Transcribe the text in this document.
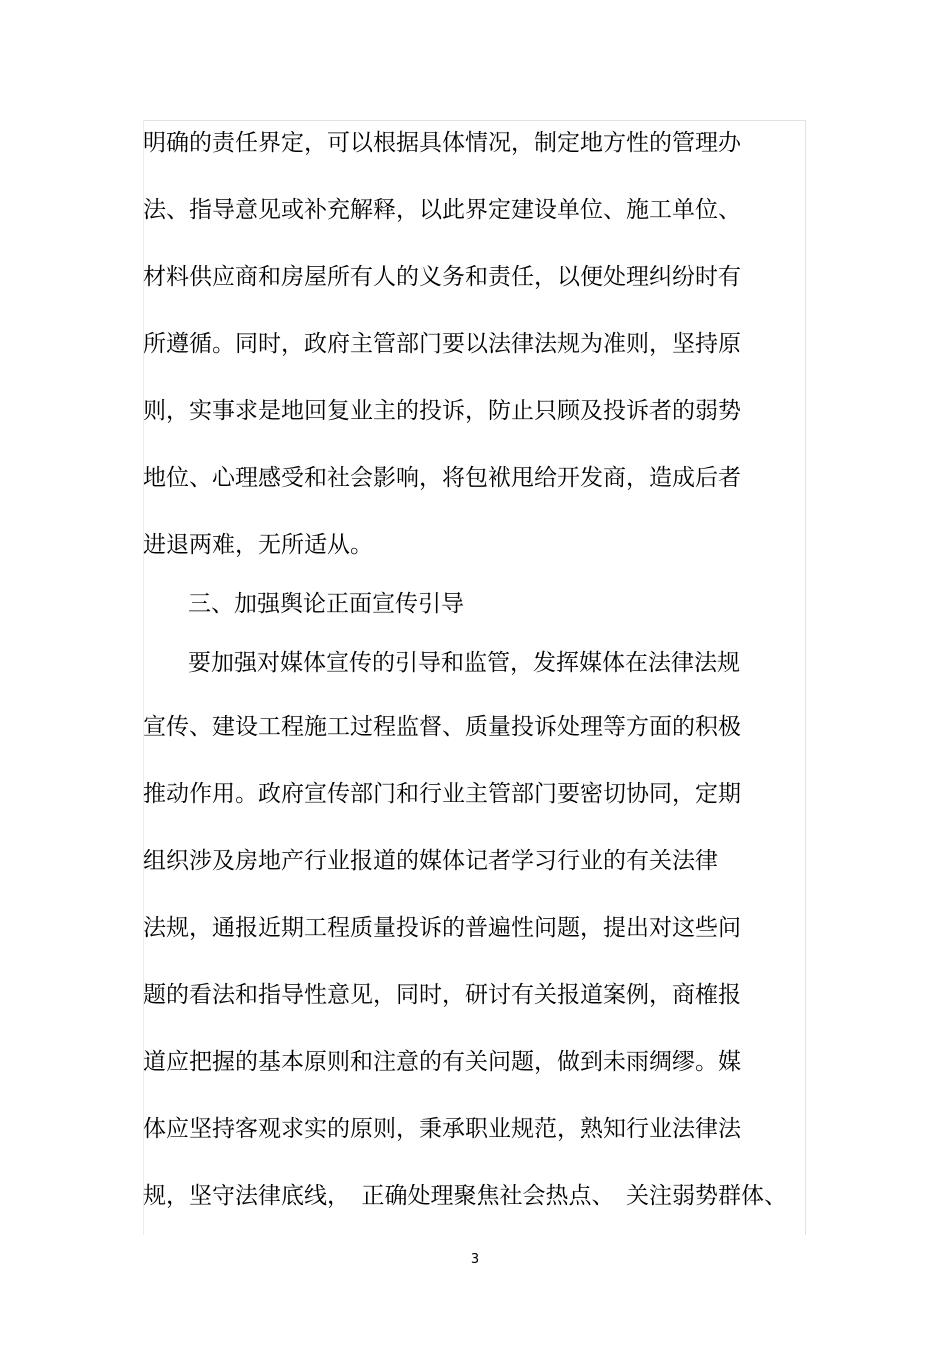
明确的责任界定，可以根据具体情况，制定地方性的管理办
法、指导意见或补充解释，以此界定建设单位、施工单位、
材料供应商和房屋所有人的义务和责任，以便处理纠纷时有
所遵循。同时，政府主管部门要以法律法规为准则，坚持原
则，实事求是地回复业主的投诉，防止只顾及投诉者的弱势
地位、心理感受和社会影响，将包袱甩给开发商，造成后者
进退两难，无所适从。
三、加强舆论正面宣传引导
要加强对媒体宣传的引导和监管，发挥媒体在法律法规
宣传、建设工程施工过程监督、质量投诉处理等方面的积极
推动作用。政府宣传部门和行业主管部门要密切协同，定期
组织涉及房地产行业报道的媒体记者学习行业的有关法律
法规，通报近期工程质量投诉的普遍性问题，提出对这些问
题的看法和指导性意见，同时，研讨有关报道案例，商榷报
道应把握的基本原则和注意的有关问题，做到未雨绸缪。媒
体应坚持客观求实的原则，秉承职业规范，熟知行业法律法
规，坚守法律底线，　正确处理聚焦社会热点、　关注弱势群体、
3
